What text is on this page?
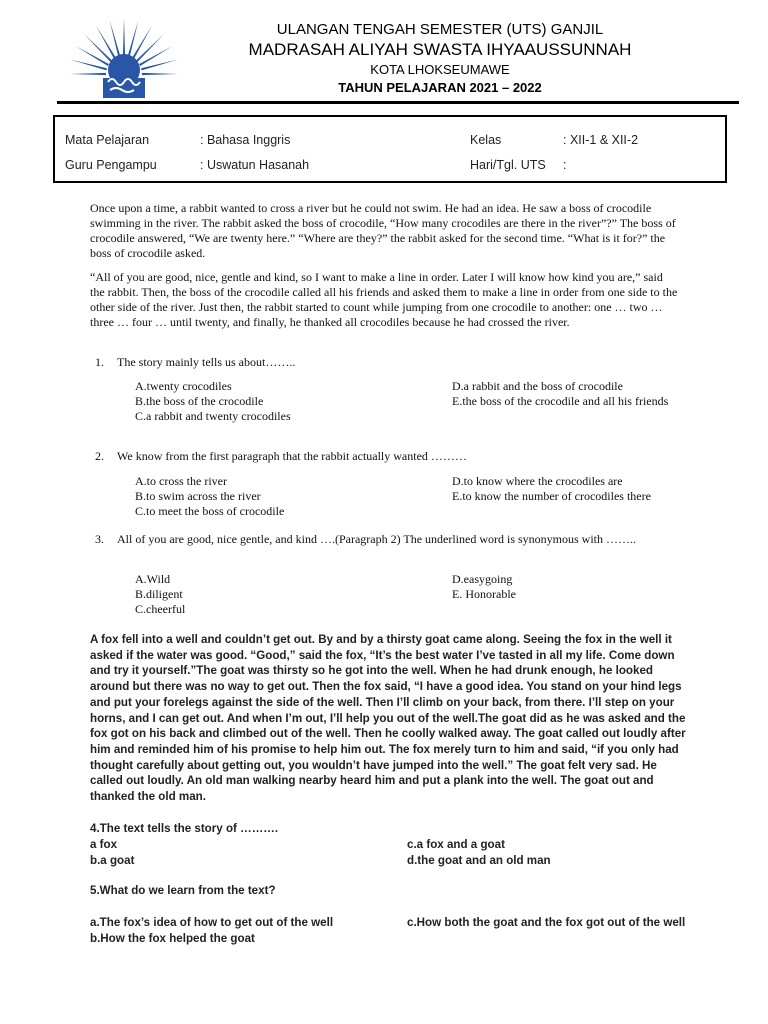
ULANGAN TENGAH SEMESTER (UTS) GANJIL
MADRASAH ALIYAH SWASTA IHYAAUSSUNNAH
KOTA LHOKSEUMAWE
TAHUN PELAJARAN 2021 – 2022
Mata Pelajaran	: Bahasa Inggris	Kelas	: XII-1 & XII-2
Guru Pengampu	: Uswatun Hasanah	Hari/Tgl. UTS :

Once upon a time, a rabbit wanted to cross a river but he could not swim. He had an idea. He saw a boss of crocodile swimming in the river. The rabbit asked the boss of crocodile, “How many crocodiles are there in the river”?” The boss of crocodile answered, “We are twenty here.” “Where are they?” the rabbit asked for the second time. “What is it for?” the boss of crocodile asked.

“All of you are good, nice, gentle and kind, so I want to make a line in order. Later I will know how kind you are,” said the rabbit. Then, the boss of the crocodile called all his friends and asked them to make a line in order from one side to the other side of the river. Just then, the rabbit started to count while jumping from one crocodile to another: one … two … three … four … until twenty, and finally, he thanked all crocodiles because he had crossed the river.

1. The story mainly tells us about……..
A.twenty crocodiles
B.the boss of the crocodile
C.a rabbit and twenty crocodiles
D.a rabbit and the boss of crocodile
E.the boss of the crocodile and all his friends
2. We know from the first paragraph that the rabbit actually wanted ………
A.to cross the river
B.to swim across the river
C.to meet the boss of crocodile
D.to know where the crocodiles are
E.to know the number of crocodiles there
3. All of you are good, nice gentle, and kind ….(Paragraph 2) The underlined word is synonymous with ……..
A.Wild
B.diligent
C.cheerful
D.easygoing
E. Honorable

A fox fell into a well and couldn’t get out. By and by a thirsty goat came along. Seeing the fox in the well it asked if the water was good. “Good,” said the fox, “It’s the best water I’ve tasted in all my life. Come down and try it yourself.”The goat was thirsty so he got into the well. When he had drunk enough, he looked around but there was no way to get out. Then the fox said, “I have a good idea. You stand on your hind legs and put your forelegs against the side of the well. Then I’ll climb on your back, from there. I’ll step on your horns, and I can get out. And when I’m out, I’ll help you out of the well.The goat did as he was asked and the fox got on his back and climbed out of the well. Then he coolly walked away. The goat called out loudly after him and reminded him of his promise to help him out. The fox merely turn to him and said, “if you only had thought carefully about getting out, you wouldn’t have jumped into the well.” The goat felt very sad. He called out loudly. An old man walking nearby heard him and put a plank into the well. The goat out and thanked the old man.

4.The text tells the story of ……….
a fox
b.a goat
c.a fox and a goat
d.the goat and an old man
5.What do we learn from the text?
a.The fox’s idea of how to get out of the well
b.How the fox helped the goat
c.How both the goat and the fox got out of the well
